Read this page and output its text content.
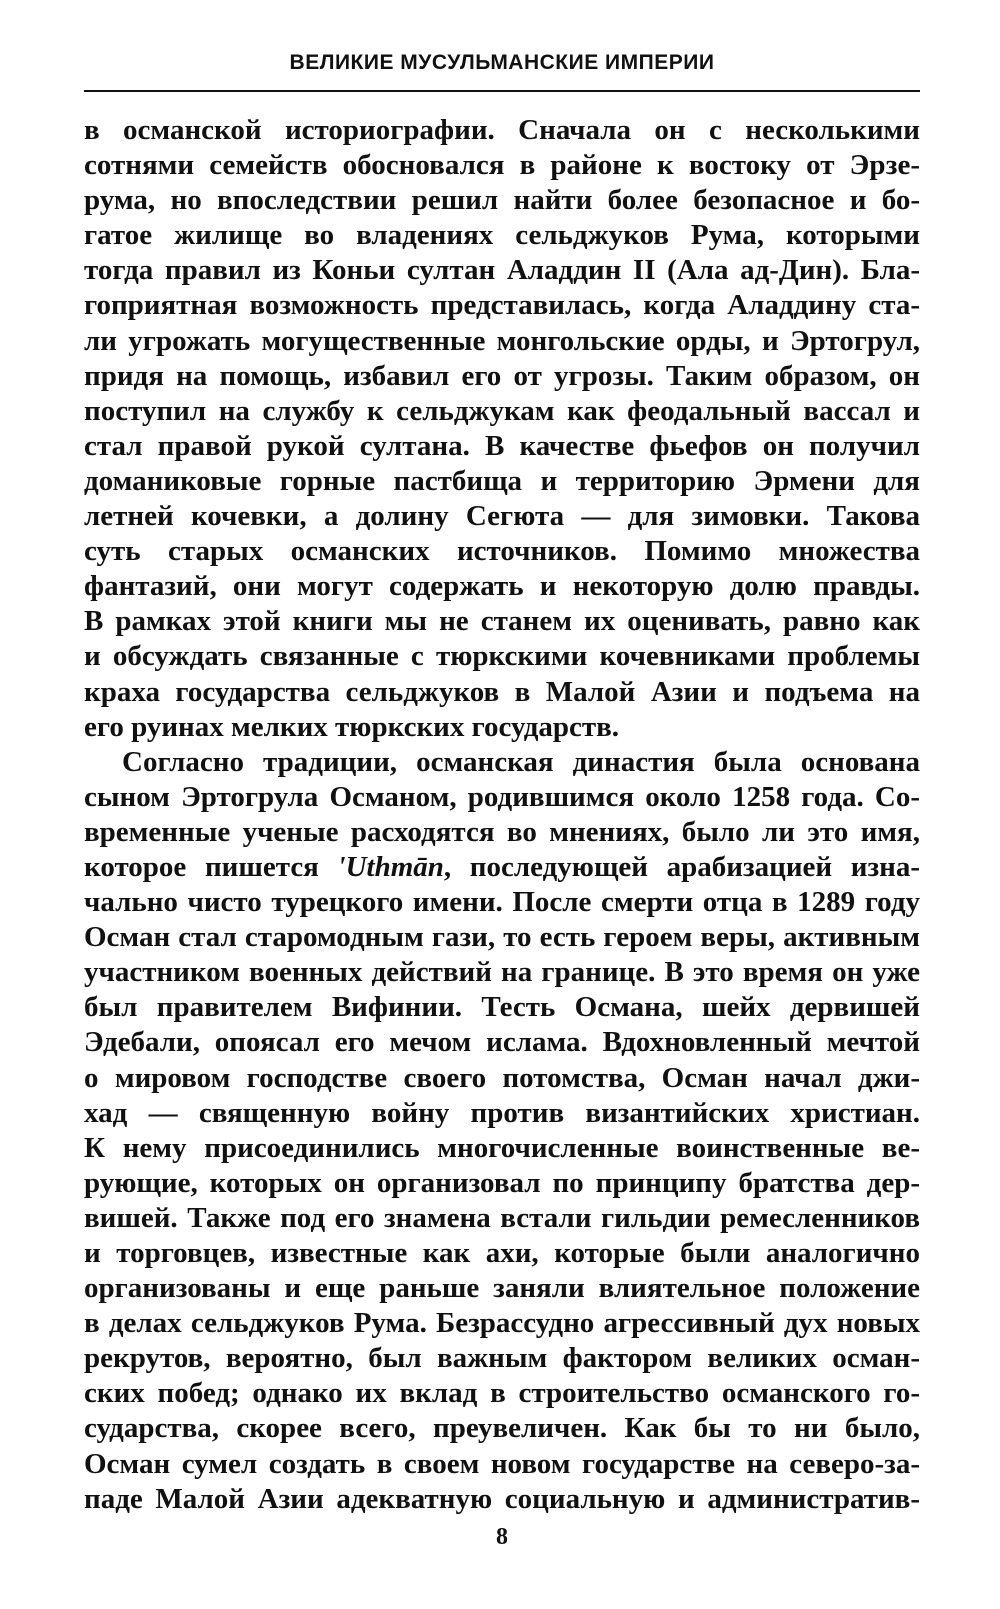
ВЕЛИКИЕ МУСУЛЬМАНСКИЕ ИМПЕРИИ

в османской историографии. Сначала он с несколькими
сотнями семейств обосновался в районе к востоку от Эрзе-
рума, но впоследствии решил найти более безопасное и бо-
гатое жилище во владениях сельджуков Рума, которыми
тогда правил из Коньи султан Аладдин II (Ала ад-Дин). Бла-
гоприятная возможность представилась, когда Аладдину ста-
ли угрожать могущественные монгольские орды, и Эртогрул,
придя на помощь, избавил его от угрозы. Таким образом, он
поступил на службу к сельджукам как феодальный вассал и
стал правой рукой султана. В качестве фьефов он получил
доманиковые горные пастбища и территорию Эрмени для
летней кочевки, а долину Сегюта — для зимовки. Такова
суть старых османских источников. Помимо множества
фантазий, они могут содержать и некоторую долю правды.
В рамках этой книги мы не станем их оценивать, равно как
и обсуждать связанные с тюркскими кочевниками проблемы
краха государства сельджуков в Малой Азии и подъема на
его руинах мелких тюркских государств.

Согласно традиции, османская династия была основана
сыном Эртогрула Османом, родившимся около 1258 года. Со-
временные ученые расходятся во мнениях, было ли это имя,
которое пишется 'Uthmān, последующей арабизацией изна-
чально чисто турецкого имени. После смерти отца в 1289 году
Осман стал старомодным гази, то есть героем веры, активным
участником военных действий на границе. В это время он уже
был правителем Вифинии. Тесть Османа, шейх дервишей
Эдебали, опоясал его мечом ислама. Вдохновленный мечтой
о мировом господстве своего потомства, Осман начал джи-
хад — священную войну против византийских христиан.
К нему присоединились многочисленные воинственные ве-
рующие, которых он организовал по принципу братства дер-
вишей. Также под его знамена встали гильдии ремесленников
и торговцев, известные как ахи, которые были аналогично
организованы и еще раньше заняли влиятельное положение
в делах сельджуков Рума. Безрассудно агрессивный дух новых
рекрутов, вероятно, был важным фактором великих осман-
ских побед; однако их вклад в строительство османского го-
сударства, скорее всего, преувеличен. Как бы то ни было,
Осман сумел создать в своем новом государстве на северо-за-
паде Малой Азии адекватную социальную и административ-

8
